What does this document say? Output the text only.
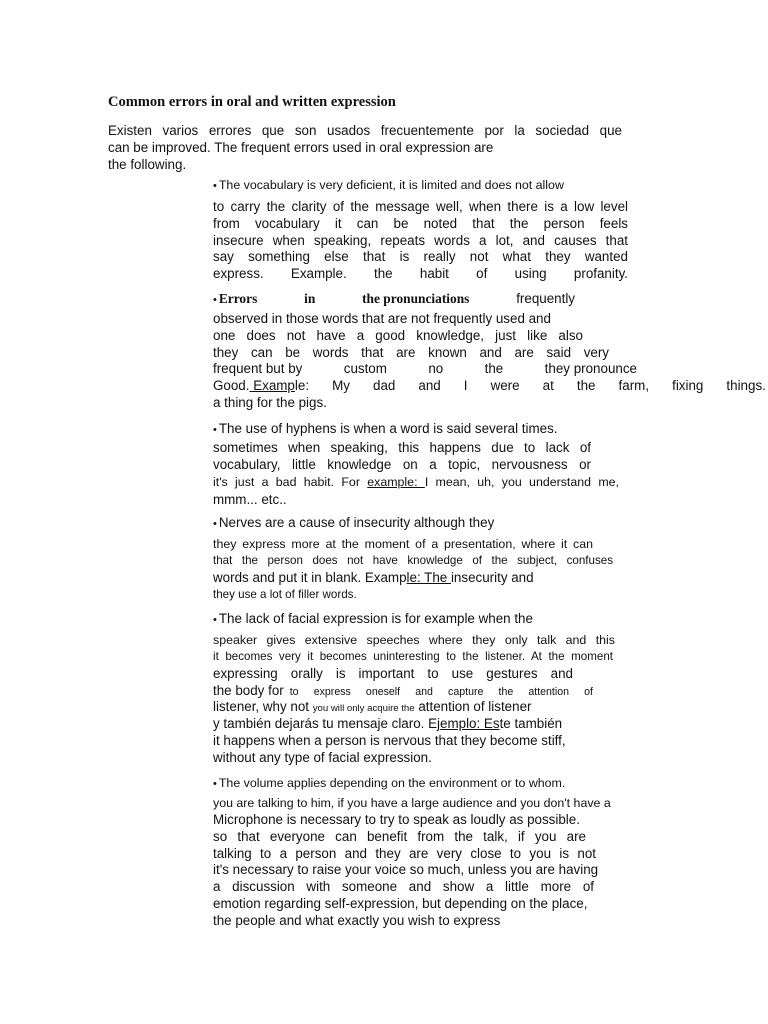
Common errors in oral and written expression

Existen varios errores que son usados frecuentemente por la sociedad que
can be improved. The frequent errors used in oral expression are
the following.

• The vocabulary is very deficient, it is limited and does not allow
to carry the clarity of the message well, when there is a low level
from vocabulary it can be noted that the person feels
insecure when speaking, repeats words a lot, and causes that
say something else that is really not what they wanted
express. Example. the habit of using profanity.
• Errors	in	the pronunciations	frequently
observed in those words that are not frequently used and
one does not have a good knowledge, just like also
they can be words that are known and are said very
frequent but by	custom	no	the	they pronounce
Good. Example: My dad and I were at the farm, fixing things.
a thing for the pigs.
• The use of hyphens is when a word is said several times.
sometimes when speaking, this happens due to lack of
vocabulary, little knowledge on a topic, nervousness or
it's just a bad habit. For example: I mean, uh, you understand me,
mmm... etc..
• Nerves are a cause of insecurity although they
they express more at the moment of a presentation, where it can
that the person does not have knowledge of the subject, confuses
words and put it in blank. Example: The insecurity and
they use a lot of filler words.
• The lack of facial expression is for example when the
speaker gives extensive speeches where they only talk and this
it becomes very it becomes uninteresting to the listener. At the moment
expressing orally is important to use gestures and
the body for to express oneself and capture the attention of
listener, why not you will only acquire the attention of listener
y también dejarás tu mensaje claro. Ejemplo: Este también
it happens when a person is nervous that they become stiff,
without any type of facial expression.
• The volume applies depending on the environment or to whom.
you are talking to him, if you have a large audience and you don't have a
Microphone is necessary to try to speak as loudly as possible.
so that everyone can benefit from the talk, if you are
talking to a person and they are very close to you is not
it's necessary to raise your voice so much, unless you are having
a discussion with someone and show a little more of
emotion regarding self-expression, but depending on the place,
the people and what exactly you wish to express
